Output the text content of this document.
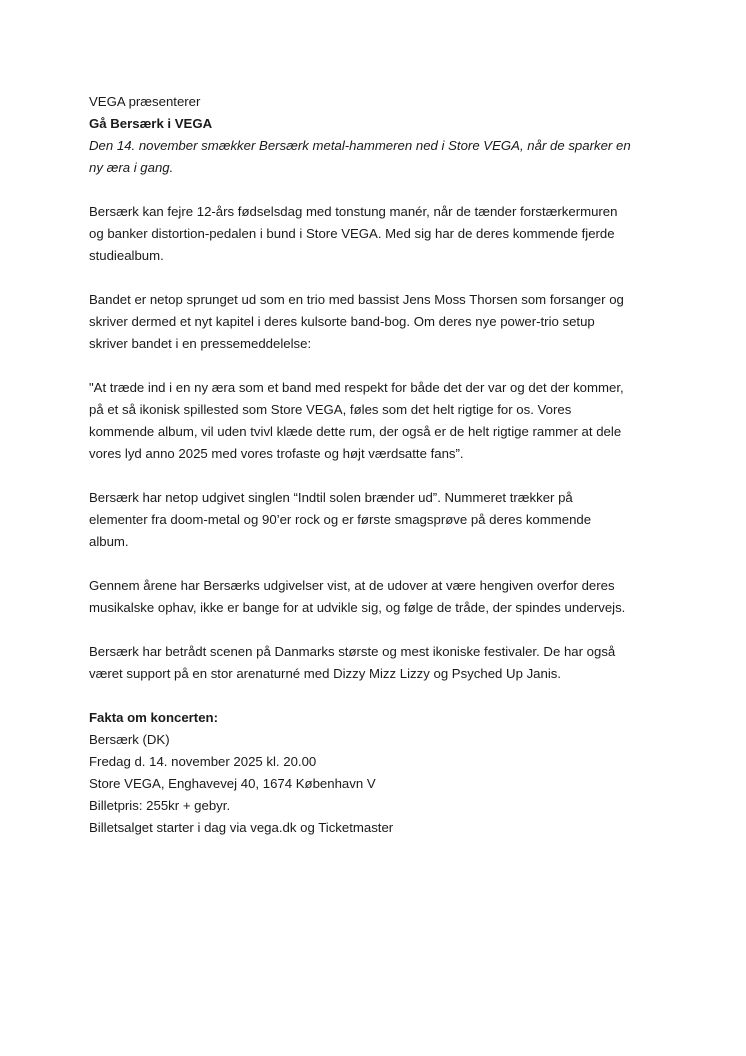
VEGA præsenterer
Gå Bersærk i VEGA
Den 14. november smækker Bersærk metal-hammeren ned i Store VEGA, når de sparker en
ny æra i gang.
Bersærk kan fejre 12-års fødselsdag med tonstung manér, når de tænder forstærkermuren
og banker distortion-pedalen i bund i Store VEGA. Med sig har de deres kommende fjerde
studiealbum.
Bandet er netop sprunget ud som en trio med bassist Jens Moss Thorsen som forsanger og
skriver dermed et nyt kapitel i deres kulsorte band-bog. Om deres nye power-trio setup
skriver bandet i en pressemeddelelse:
"At træde ind i en ny æra som et band med respekt for både det der var og det der kommer,
på et så ikonisk spillested som Store VEGA, føles som det helt rigtige for os. Vores
kommende album, vil uden tvivl klæde dette rum, der også er de helt rigtige rammer at dele
vores lyd anno 2025 med vores trofaste og højt værdsatte fans”.
Bersærk har netop udgivet singlen “Indtil solen brænder ud”. Nummeret trækker på
elementer fra doom-metal og 90’er rock og er første smagsprøve på deres kommende
album.
Gennem årene har Bersærks udgivelser vist, at de udover at være hengiven overfor deres
musikalske ophav, ikke er bange for at udvikle sig, og følge de tråde, der spindes undervejs.
Bersærk har betrådt scenen på Danmarks største og mest ikoniske festivaler. De har også
været support på en stor arenaturné med Dizzy Mizz Lizzy og Psyched Up Janis.
Fakta om koncerten:
Bersærk (DK)
Fredag d. 14. november 2025 kl. 20.00
Store VEGA, Enghavevej 40, 1674 København V
Billetpris: 255kr + gebyr.
Billetsalget starter i dag via vega.dk og Ticketmaster
